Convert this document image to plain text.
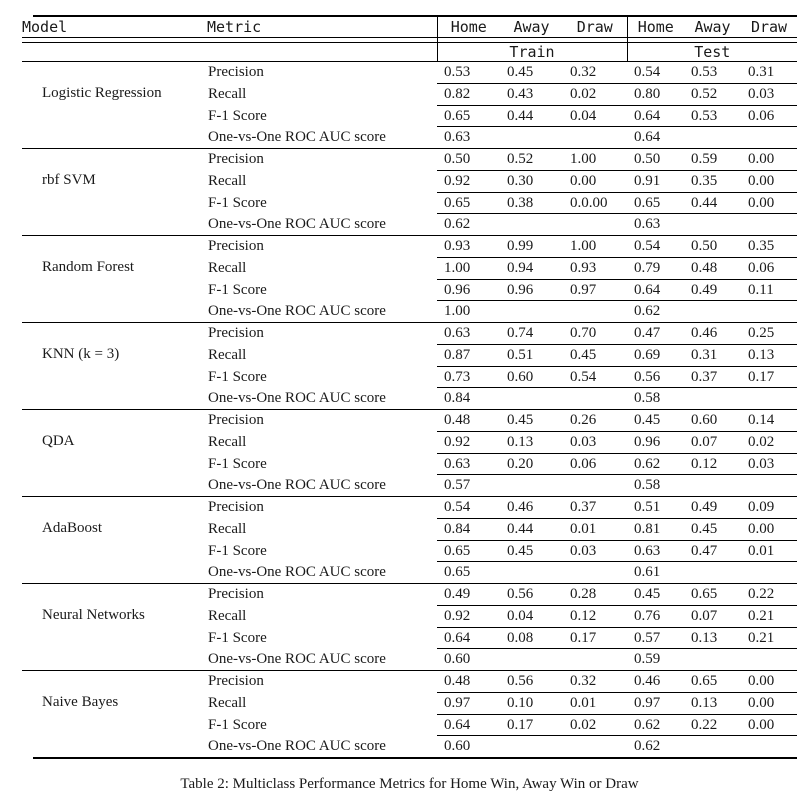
Model	Metric	Home	Away	Draw	Home	Away	Draw

		Train			Test		
Logistic Regression	Precision	0.53	0.45	0.32	0.54	0.53	0.31
	Recall	0.82	0.43	0.02	0.80	0.52	0.03
	F-1 Score	0.65	0.44	0.04	0.64	0.53	0.06
	One-vs-One ROC AUC score	0.63			0.64		
rbf SVM	Precision	0.50	0.52	1.00	0.50	0.59	0.00
	Recall	0.92	0.30	0.00	0.91	0.35	0.00
	F-1 Score	0.65	0.38	0.0.00	0.65	0.44	0.00
	One-vs-One ROC AUC score	0.62			0.63		
Random Forest	Precision	0.93	0.99	1.00	0.54	0.50	0.35
	Recall	1.00	0.94	0.93	0.79	0.48	0.06
	F-1 Score	0.96	0.96	0.97	0.64	0.49	0.11
	One-vs-One ROC AUC score	1.00			0.62		
KNN (k = 3)	Precision	0.63	0.74	0.70	0.47	0.46	0.25
	Recall	0.87	0.51	0.45	0.69	0.31	0.13
	F-1 Score	0.73	0.60	0.54	0.56	0.37	0.17
	One-vs-One ROC AUC score	0.84			0.58		
QDA	Precision	0.48	0.45	0.26	0.45	0.60	0.14
	Recall	0.92	0.13	0.03	0.96	0.07	0.02
	F-1 Score	0.63	0.20	0.06	0.62	0.12	0.03
	One-vs-One ROC AUC score	0.57			0.58		
AdaBoost	Precision	0.54	0.46	0.37	0.51	0.49	0.09
	Recall	0.84	0.44	0.01	0.81	0.45	0.00
	F-1 Score	0.65	0.45	0.03	0.63	0.47	0.01
	One-vs-One ROC AUC score	0.65			0.61		
Neural Networks	Precision	0.49	0.56	0.28	0.45	0.65	0.22
	Recall	0.92	0.04	0.12	0.76	0.07	0.21
	F-1 Score	0.64	0.08	0.17	0.57	0.13	0.21
	One-vs-One ROC AUC score	0.60			0.59		
Naive Bayes	Precision	0.48	0.56	0.32	0.46	0.65	0.00
	Recall	0.97	0.10	0.01	0.97	0.13	0.00
	F-1 Score	0.64	0.17	0.02	0.62	0.22	0.00
	One-vs-One ROC AUC score	0.60			0.62		
Table 2: Multiclass Performance Metrics for Home Win, Away Win or Draw
